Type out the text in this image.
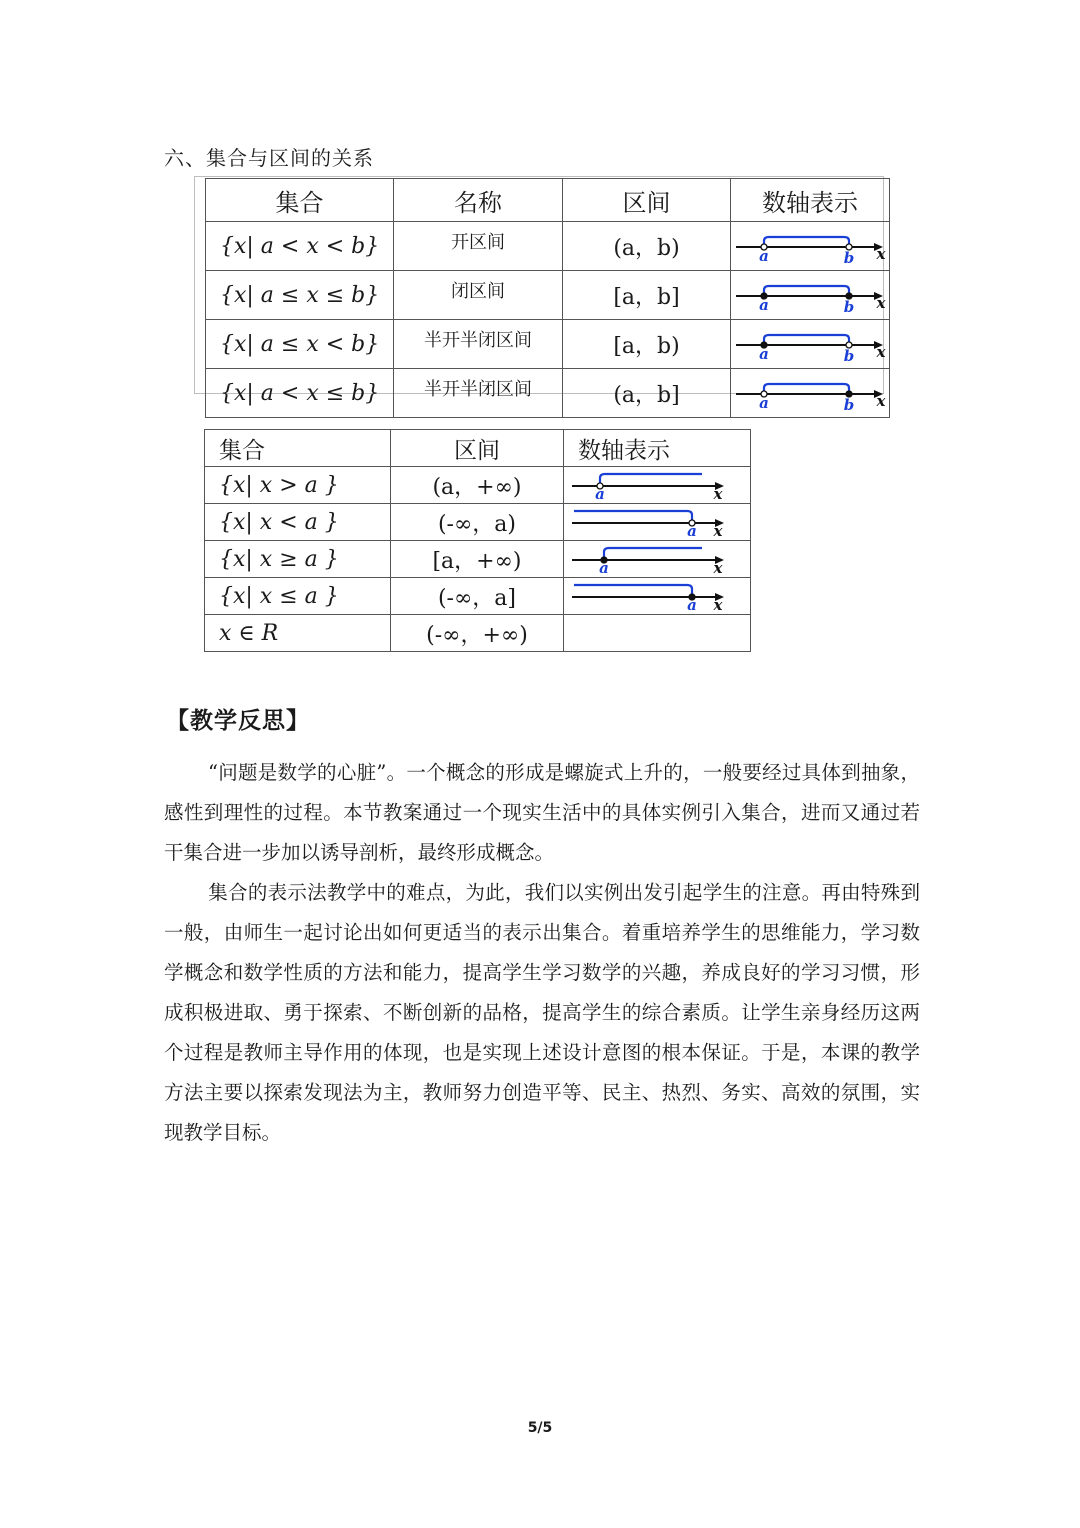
六、集合与区间的关系
集合	名称	区间	数轴表示
{x| a < x < b}	开区间	(a，b)	a b x

{x| a ≤ x ≤ b}	闭区间	[a，b]	a b x

{x| a ≤ x < b}	半开半闭区间	[a，b)	a b x

{x| a < x ≤ b}	半开半闭区间	(a，b]	a b x
集合	区间	数轴表示
{x| x > a }	(a，+∞)	a x

{x| x < a }	(-∞，a)	a x

{x| x ≥ a }	[a，+∞)	a x

{x| x ≤ a }	(-∞，a]	a x

x ∈ R	(-∞，+∞)	
【教学反思】

“问题是数学的心脏”。一个概念的形成是螺旋式上升的，一般要经过具体到抽象，感性到理性的过程。本节教案通过一个现实生活中的具体实例引入集合，进而又通过若干集合进一步加以诱导剖析，最终形成概念。

集合的表示法教学中的难点，为此，我们以实例出发引起学生的注意。再由特殊到一般，由师生一起讨论出如何更适当的表示出集合。着重培养学生的思维能力，学习数学概念和数学性质的方法和能力，提高学生学习数学的兴趣，养成良好的学习习惯，形成积极进取、勇于探索、不断创新的品格，提高学生的综合素质。让学生亲身经历这两个过程是教师主导作用的体现，也是实现上述设计意图的根本保证。于是，本课的教学方法主要以探索发现法为主，教师努力创造平等、民主、热烈、务实、高效的氛围，实现教学目标。

5/5
